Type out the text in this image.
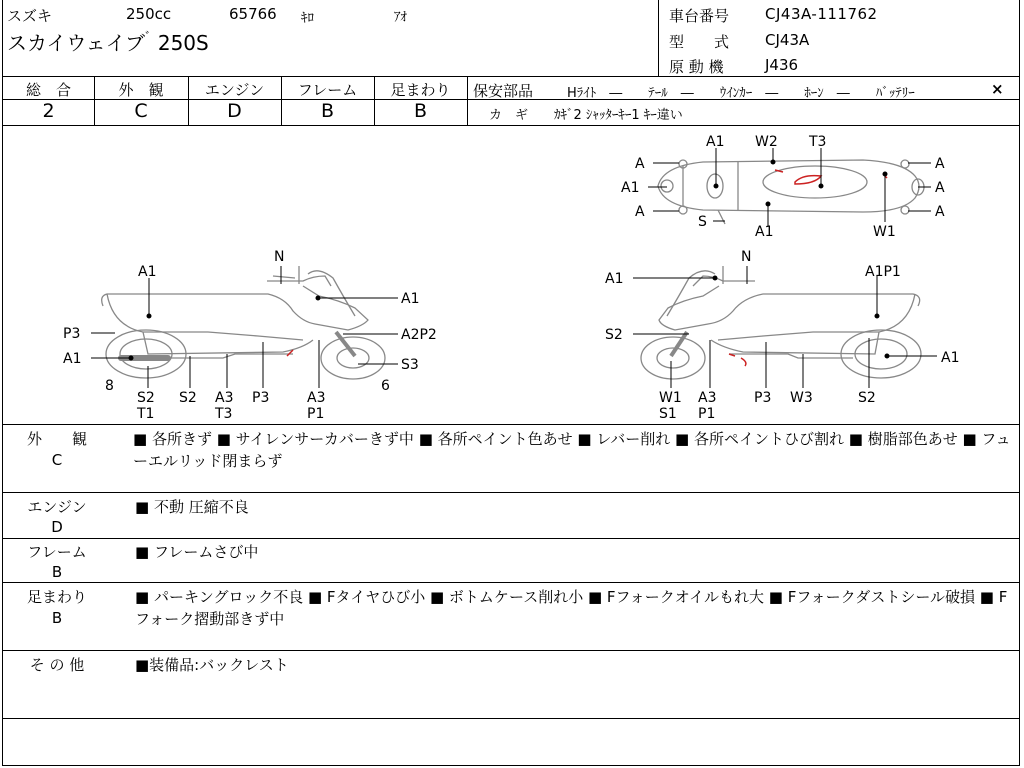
スズキ	250cc	65766 ｷﾛ	ｱｵ
スカイウェイブ$^ﾞ$ 250S
車台番号 CJ43A-111762
型　　式 CJ43A
原 動 機	J436
総　合	外　観	エンジン	フレーム	足まわり
2	C	D	B	B
保安部品	Hﾗｲﾄ　―　　ﾃｰﾙ　―　　ｳｲﾝｶｰ　―　　ﾎｰﾝ　―　　ﾊﾞｯﾃﾘｰ	×
カ　ギ　　ｶｷﾞ2 ｼｬｯﾀｰｷｰ1 ｷｰ違い
A1 W2 T3
A
A
A
A
A
A1
S
A1	W1
N
A1
A1
P3	A2P2
A1	S3
8
S2
T1
S2 A3
T3
P3	A3
P1
6
N
A1	A1P1
S2
A1
W1
S1
A3
P1
P3 W3	S2
外　　観
C
■ 各所きず ■ サイレンサーカバーきず中 ■ 各所ペイント色あせ ■ レバー削れ ■ 各所ペイントひび割れ ■ 樹脂部色あせ ■ フューエルリッド閉まらず
エンジン
D
■ 不動 圧縮不良
フレーム
B
■ フレームさび中
足まわり
B
■ パーキングロック不良 ■ Fタイヤひび小 ■ ボトムケース削れ小 ■ Fフォークオイルもれ大 ■ Fフォークダストシール破損 ■ Fフォーク摺動部きず中
そ の 他	■装備品:バックレスト
